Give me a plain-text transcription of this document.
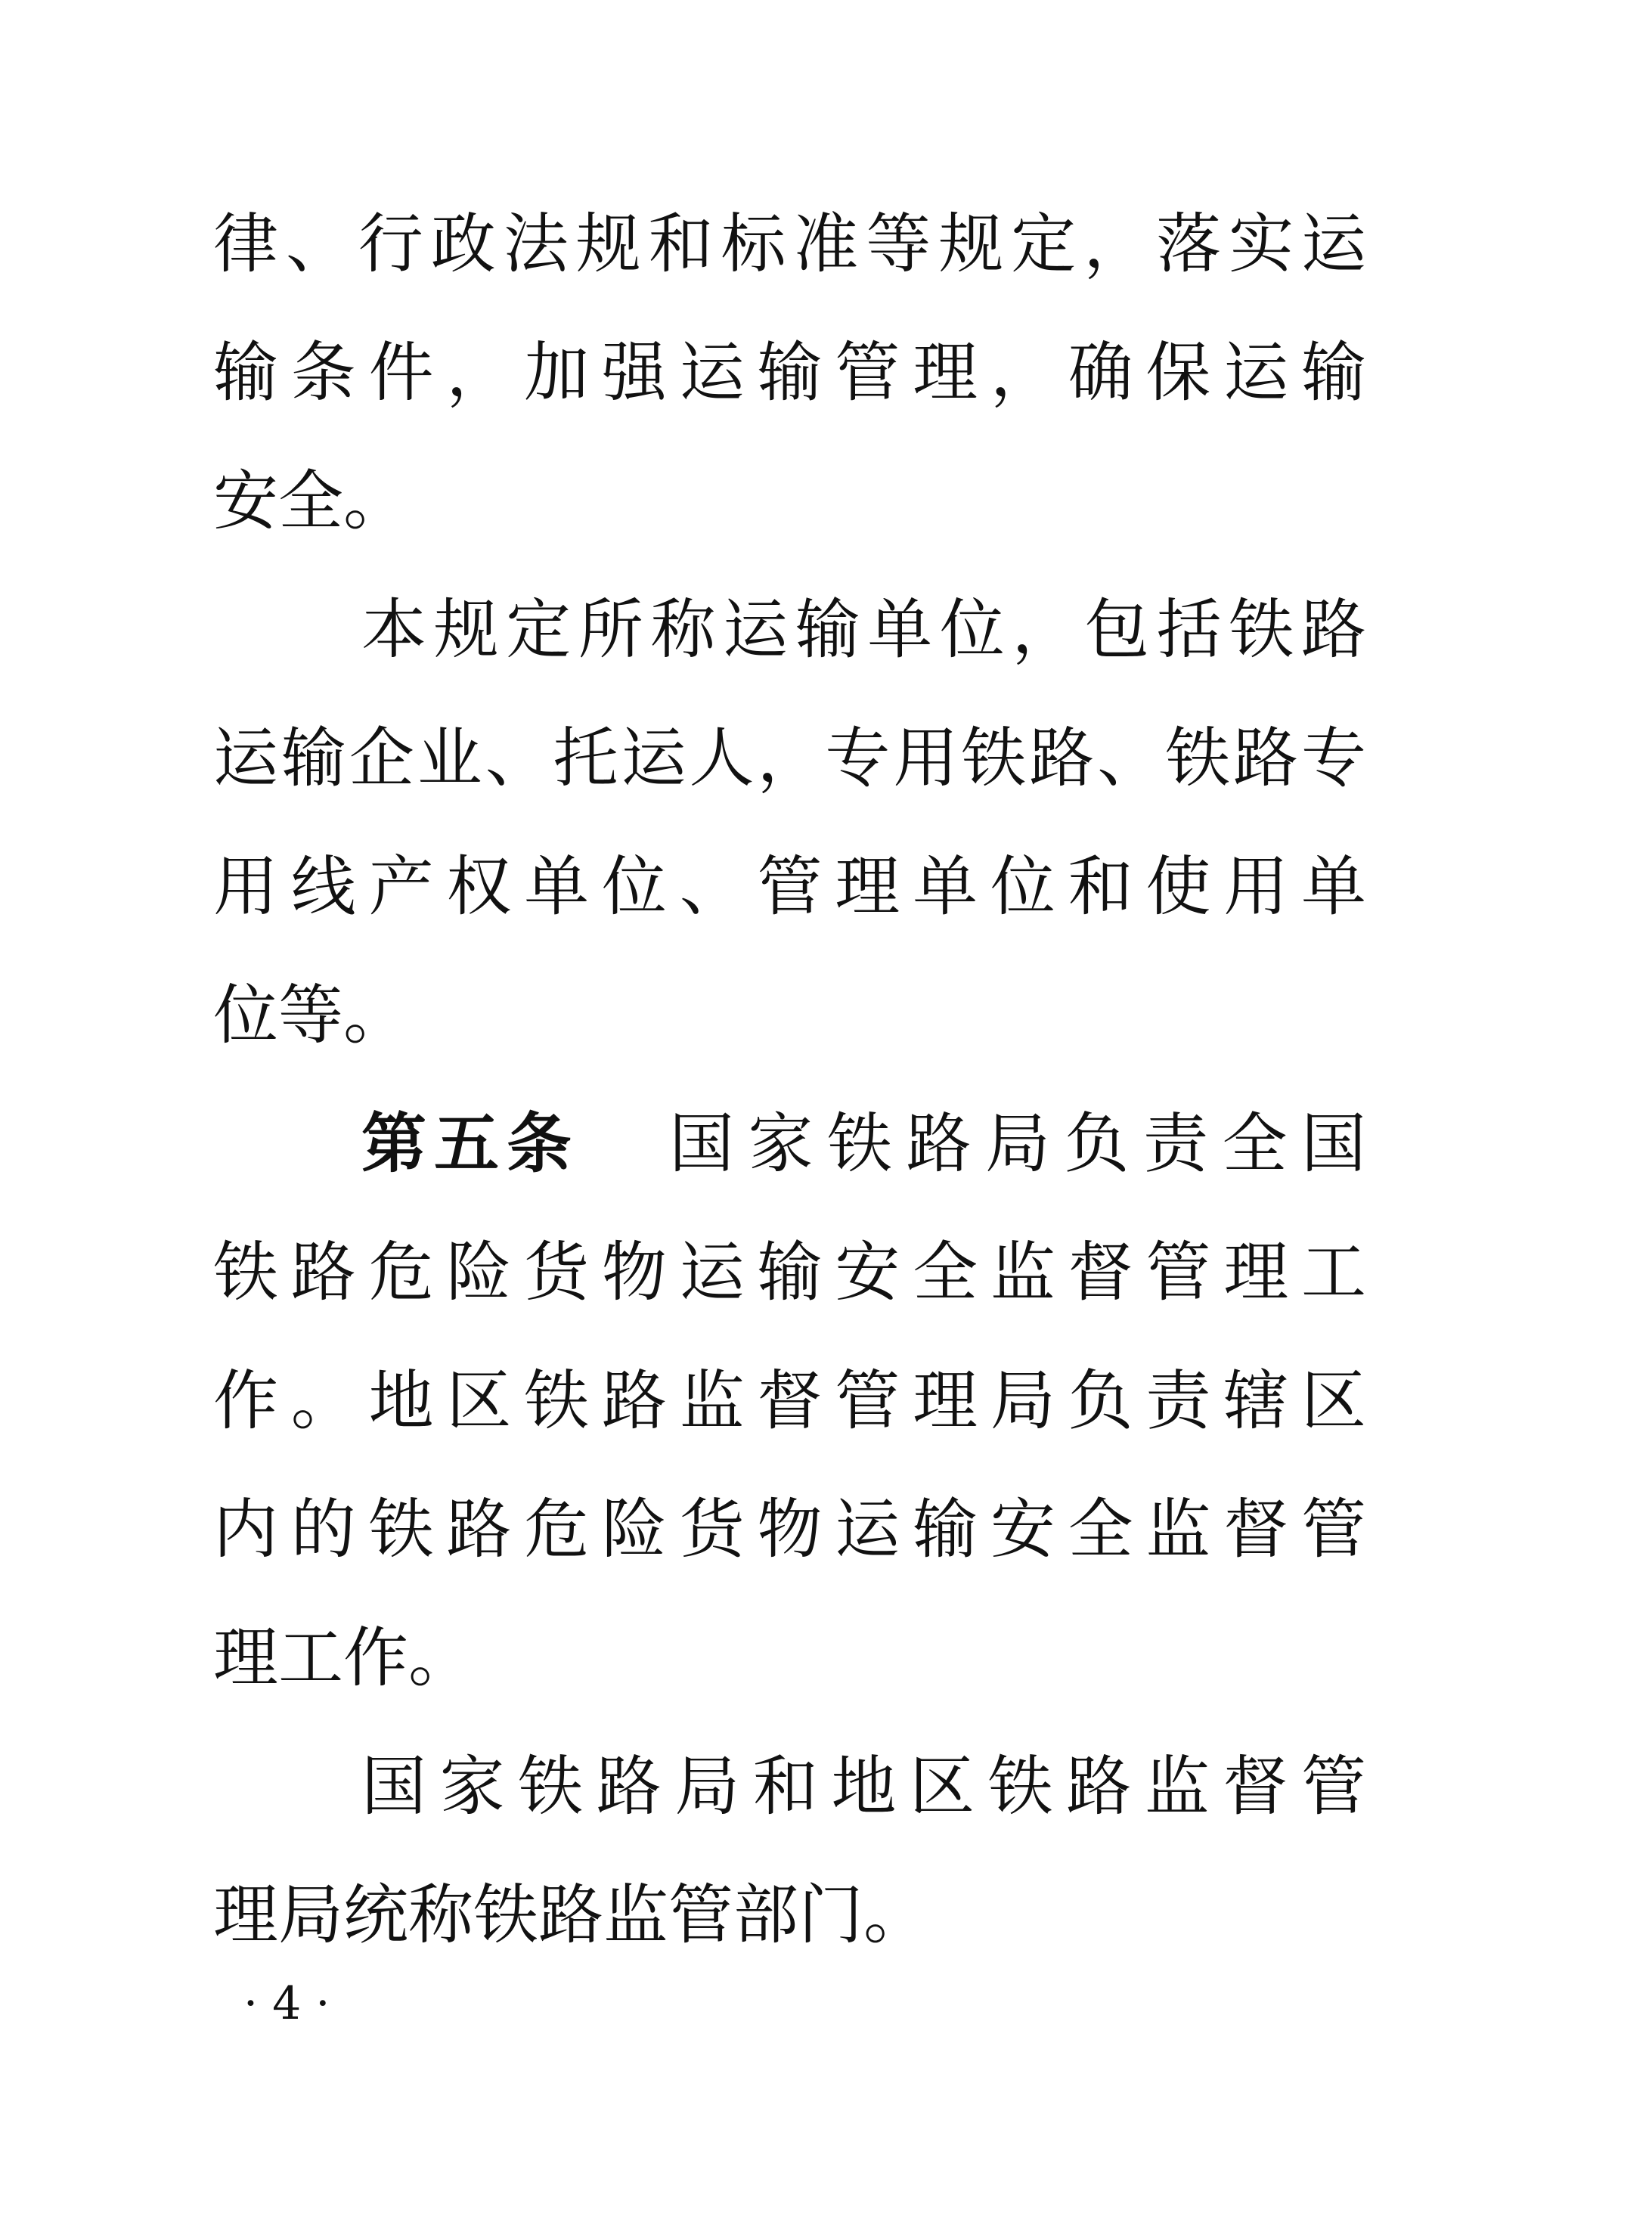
律、行政法规和标准等规定，落实运
输条件，加强运输管理，确保运输
安全。
本规定所称运输单位，包括铁路
运输企业、托运人，专用铁路、铁路专
用线产权单位、管理单位和使用单
位等。
第五条 国家铁路局负责全国
铁路危险货物运输安全监督管理工
作。地区铁路监督管理局负责辖区
内的铁路危险货物运输安全监督管
理工作。
国家铁路局和地区铁路监督管
理局统称铁路监管部门。
· 4 ·
